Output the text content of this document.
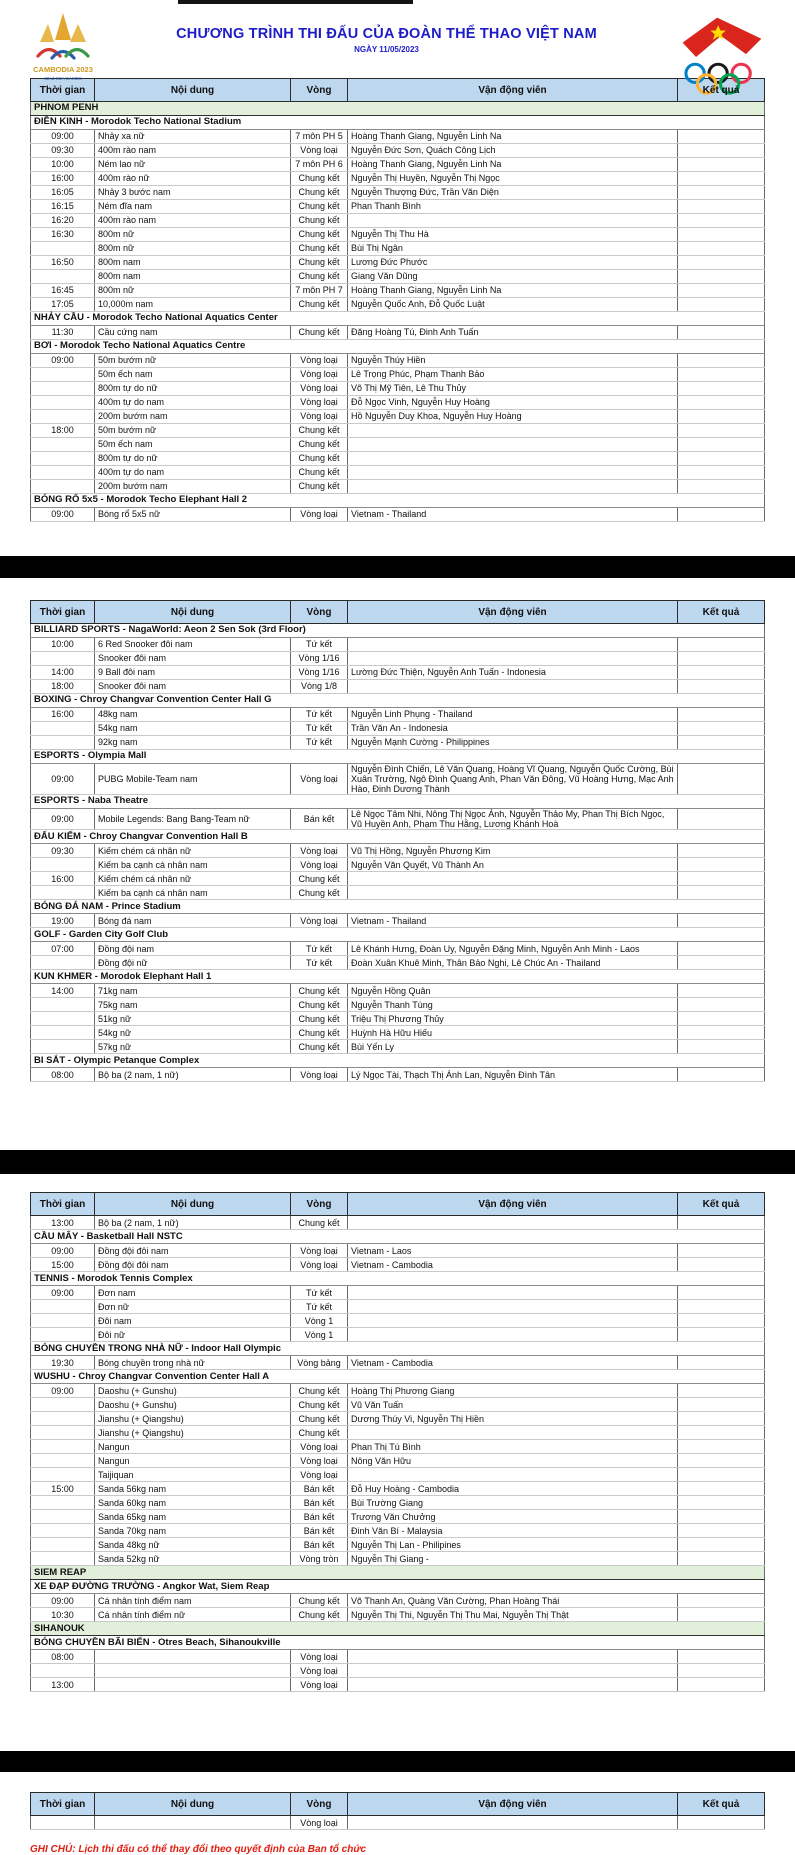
CAMBODIA 2023
32nd SEA GAMES
CHƯƠNG TRÌNH THI ĐẤU CỦA ĐOÀN THỂ THAO VIỆT NAM
NGÀY 11/05/2023
Thời gian	Nội dung	Vòng	Vận động viên	Kết quả
PHNOM PENH				
ĐIỀN KINH - Morodok Techo National Stadium				
09:00	Nhảy xa nữ	7 môn PH 5	Hoàng Thanh Giang, Nguyễn Linh Na	
09:30	400m rào nam	Vòng loại	Nguyễn Đức Sơn, Quách Công Lịch	
10:00	Ném lao nữ	7 môn PH 6	Hoàng Thanh Giang, Nguyễn Linh Na	
16:00	400m rào nữ	Chung kết	Nguyễn Thị Huyền, Nguyễn Thị Ngọc	
16:05	Nhảy 3 bước nam	Chung kết	Nguyễn Thượng Đức, Trần Văn Diện	
16:15	Ném đĩa nam	Chung kết	Phan Thanh Bình	
16:20	400m rào nam	Chung kết		
16:30	800m nữ	Chung kết	Nguyễn Thị Thu Hà	
	800m nữ	Chung kết	Bùi Thị Ngân	
16:50	800m nam	Chung kết	Lương Đức Phước	
	800m nam	Chung kết	Giang Văn Dũng	
16:45	800m nữ	7 môn PH 7	Hoàng Thanh Giang, Nguyễn Linh Na	
17:05	10,000m nam	Chung kết	Nguyễn Quốc Anh, Đỗ Quốc Luật	
NHẢY CẦU - Morodok Techo National Aquatics Center				
11:30	Cầu cứng nam	Chung kết	Đặng Hoàng Tú, Đinh Anh Tuấn	
BƠI - Morodok Techo National Aquatics Centre				
09:00	50m bướm nữ	Vòng loại	Nguyễn Thúy Hiền	
	50m ếch nam	Vòng loại	Lê Trọng Phúc, Phạm Thanh Bảo	
	800m tự do nữ	Vòng loại	Võ Thị Mỹ Tiên, Lê Thu Thủy	
	400m tự do nam	Vòng loại	Đỗ Ngọc Vinh, Nguyễn Huy Hoàng	
	200m bướm nam	Vòng loại	Hồ Nguyễn Duy Khoa, Nguyễn Huy Hoàng	
18:00	50m bướm nữ	Chung kết		
	50m ếch nam	Chung kết		
	800m tự do nữ	Chung kết		
	400m tự do nam	Chung kết		
	200m bướm nam	Chung kết		
BÓNG RỔ 5x5 - Morodok Techo Elephant Hall 2				
09:00	Bóng rổ 5x5 nữ	Vòng loại	Vietnam - Thailand	
Thời gian	Nội dung	Vòng	Vận động viên	Kết quả
BILLIARD SPORTS - NagaWorld: Aeon 2 Sen Sok (3rd Floor)				
10:00	6 Red Snooker đôi nam	Tứ kết		
	Snooker đôi nam	Vòng 1/16		
14:00	9 Ball đôi nam	Vòng 1/16	Lường Đức Thiện, Nguyễn Anh Tuấn - Indonesia	
18:00	Snooker đôi nam	Vòng 1/8		
BOXING - Chroy Changvar Convention Center Hall G				
16:00	48kg nam	Tứ kết	Nguyễn Linh Phụng - Thailand	
	54kg nam	Tứ kết	Trần Văn An - Indonesia	
	92kg nam	Tứ kết	Nguyễn Mạnh Cường - Philippines	
ESPORTS - Olympia Mall				
09:00	PUBG Mobile-Team nam	Vòng loại	Nguyễn Đình Chiến, Lê Văn Quang, Hoàng Vĩ Quang, Nguyễn Quốc Cường, Bùi Xuân Trường, Ngô Đình Quang Anh, Phan Văn Đông, Vũ Hoàng Hưng, Mạc Anh Hào, Đinh Dương Thành	
ESPORTS - Naba Theatre				
09:00	Mobile Legends: Bang Bang-Team nữ	Bán kết	Lê Ngọc Tâm Nhi, Nông Thị Ngọc Ánh, Nguyễn Thảo My, Phan Thị Bích Ngọc, Vũ Huyền Anh, Phạm Thu Hằng, Lương Khánh Hoà	
ĐẤU KIẾM - Chroy Changvar Convention Hall B				
09:30	Kiếm chém cá nhân nữ	Vòng loại	Vũ Thị Hồng, Nguyễn Phương Kim	
	Kiếm ba cạnh cá nhân nam	Vòng loại	Nguyễn Văn Quyết, Vũ Thành An	
16:00	Kiếm chém cá nhân nữ	Chung kết		
	Kiếm ba cạnh cá nhân nam	Chung kết		
BÓNG ĐÁ NAM - Prince Stadium				
19:00	Bóng đá nam	Vòng loại	Vietnam - Thailand	
GOLF - Garden City Golf Club				
07:00	Đồng đội nam	Tứ kết	Lê Khánh Hưng, Đoàn Uy, Nguyễn Đặng Minh, Nguyễn Anh Minh - Laos	
	Đồng đội nữ	Tứ kết	Đoàn Xuân Khuê Minh, Thân Bảo Nghi, Lê Chúc An - Thailand	
KUN KHMER - Morodok Elephant Hall 1				
14:00	71kg nam	Chung kết	Nguyễn Hồng Quân	
	75kg nam	Chung kết	Nguyễn Thanh Tùng	
	51kg nữ	Chung kết	Triệu Thị Phương Thủy	
	54kg nữ	Chung kết	Huỳnh Hà Hữu Hiếu	
	57kg nữ	Chung kết	Bùi Yến Ly	
BI SẮT - Olympic Petanque Complex				
08:00	Bộ ba (2 nam, 1 nữ)	Vòng loại	Lý Ngọc Tài, Thạch Thị Ánh Lan, Nguyễn Đình Tân	
Thời gian	Nội dung	Vòng	Vận động viên	Kết quả
13:00	Bộ ba (2 nam, 1 nữ)	Chung kết		
CẦU MÂY - Basketball Hall NSTC				
09:00	Đồng đội đôi nam	Vòng loại	Vietnam - Laos	
15:00	Đồng đội đôi nam	Vòng loại	Vietnam - Cambodia	
TENNIS - Morodok Tennis Complex				
09:00	Đơn nam	Tứ kết		
	Đơn nữ	Tứ kết		
	Đôi nam	Vòng 1		
	Đôi nữ	Vòng 1		
BÓNG CHUYỀN TRONG NHÀ NỮ - Indoor Hall Olympic				
19:30	Bóng chuyền trong nhà nữ	Vòng bảng	Vietnam - Cambodia	
WUSHU - Chroy Changvar Convention Center Hall A				
09:00	Daoshu (+ Gunshu)	Chung kết	Hoàng Thị Phương Giang	
	Daoshu (+ Gunshu)	Chung kết	Vũ Văn Tuấn	
	Jianshu (+ Qiangshu)	Chung kết	Dương Thúy Vi, Nguyễn Thị Hiền	
	Jianshu (+ Qiangshu)	Chung kết		
	Nangun	Vòng loại	Phan Thị Tú Bình	
	Nangun	Vòng loại	Nông Văn Hữu	
	Taijiquan	Vòng loại		
15:00	Sanda 56kg nam	Bán kết	Đỗ Huy Hoàng - Cambodia	
	Sanda 60kg nam	Bán kết	Bùi Trường Giang	
	Sanda 65kg nam	Bán kết	Trương Văn Chưởng	
	Sanda 70kg nam	Bán kết	Đinh Văn Bí - Malaysia	
	Sanda 48kg nữ	Bán kết	Nguyễn Thị Lan - Philipines	
	Sanda 52kg nữ	Vòng tròn	Nguyễn Thị Giang -	
SIEM REAP				
XE ĐẠP ĐƯỜNG TRƯỜNG - Angkor Wat, Siem Reap				
09:00	Cá nhân tính điểm nam	Chung kết	Võ Thanh An, Quàng Văn Cường, Phan Hoàng Thái	
10:30	Cá nhân tính điểm nữ	Chung kết	Nguyễn Thị Thi, Nguyễn Thị Thu Mai, Nguyễn Thị Thật	
SIHANOUK				
BÓNG CHUYỀN BÃI BIỂN - Otres Beach, Sihanoukville				
08:00		Vòng loại		
		Vòng loại		
13:00		Vòng loại		
Thời gian	Nội dung	Vòng	Vận động viên	Kết quả
		Vòng loại		
GHI CHÚ: Lịch thi đấu có thể thay đổi theo quyết định của Ban tổ chức
